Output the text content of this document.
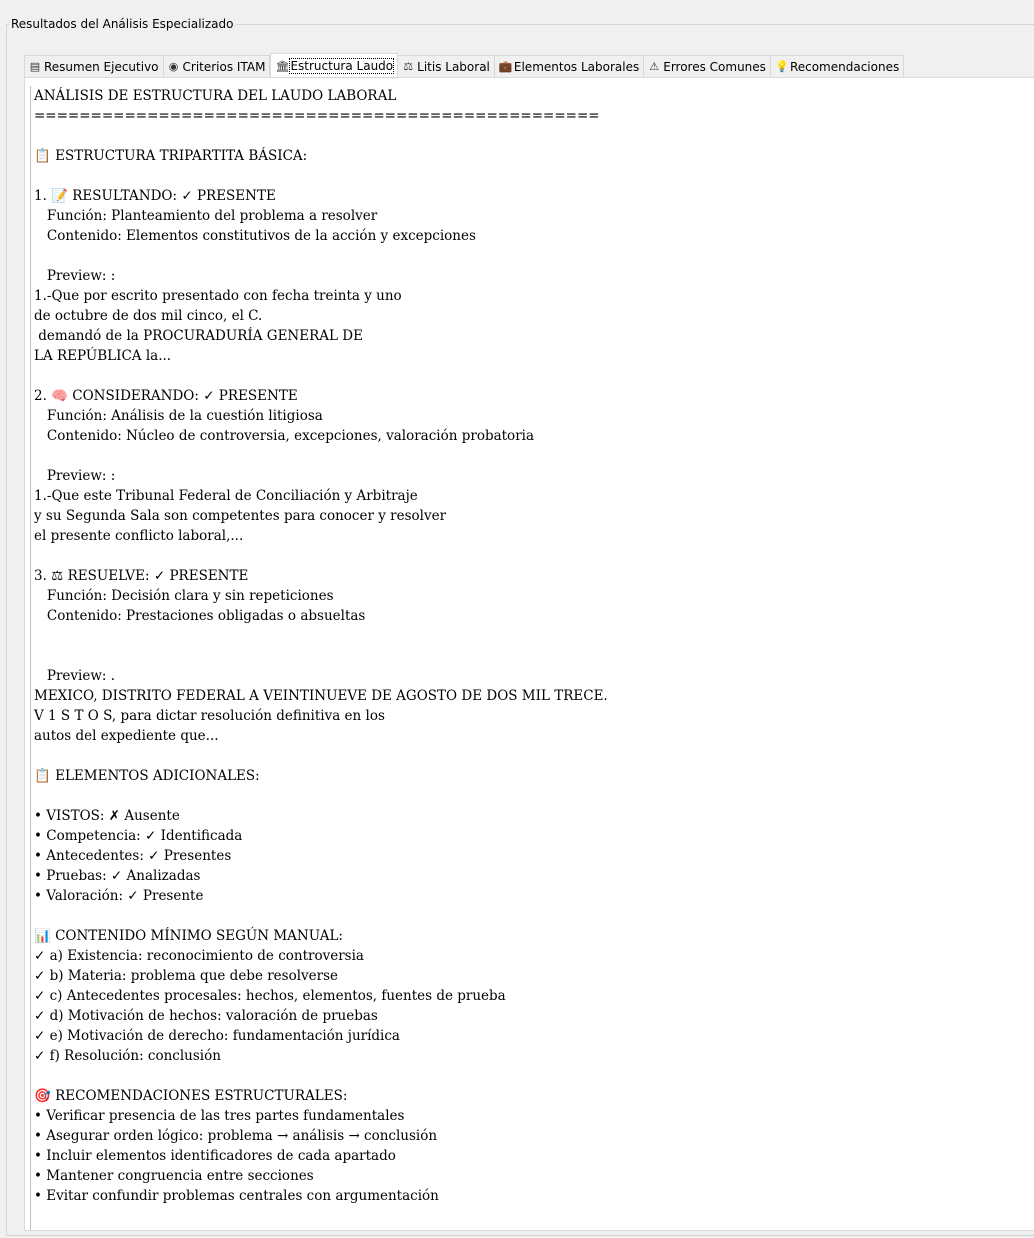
Resultados del Análisis Especializado
▤ Resumen Ejecutivo ◉ Criterios ITAM 🏛 Estructura Laudo ⚖ Litis Laboral 💼 Elementos Laborales ⚠ Errores Comunes 💡 Recomendaciones
ANÁLISIS DE ESTRUCTURA DEL LAUDO LABORAL
==================================================

📋 ESTRUCTURA TRIPARTITA BÁSICA:

1. 📝 RESULTANDO: ✓ PRESENTE
Función: Planteamiento del problema a resolver
Contenido: Elementos constitutivos de la acción y excepciones

Preview: :
1.-Que por escrito presentado con fecha treinta y uno
de octubre de dos mil cinco, el C.
demandó de la PROCURADURÍA GENERAL DE
LA REPÚBLICA la...

2. 🧠 CONSIDERANDO: ✓ PRESENTE
Función: Análisis de la cuestión litigiosa
Contenido: Núcleo de controversia, excepciones, valoración probatoria

Preview: :
1.-Que este Tribunal Federal de Conciliación y Arbitraje
y su Segunda Sala son competentes para conocer y resolver
el presente conflicto laboral,...

3. ⚖ RESUELVE: ✓ PRESENTE
Función: Decisión clara y sin repeticiones
Contenido: Prestaciones obligadas o absueltas

Preview: .
MEXICO, DISTRITO FEDERAL A VEINTINUEVE DE AGOSTO DE DOS MIL TRECE.
V 1 S T O S, para dictar resolución definitiva en los
autos del expediente que...

📋 ELEMENTOS ADICIONALES:

• VISTOS: ✗ Ausente
• Competencia: ✓ Identificada
• Antecedentes: ✓ Presentes
• Pruebas: ✓ Analizadas
• Valoración: ✓ Presente

📊 CONTENIDO MÍNIMO SEGÚN MANUAL:
✓ a) Existencia: reconocimiento de controversia
✓ b) Materia: problema que debe resolverse
✓ c) Antecedentes procesales: hechos, elementos, fuentes de prueba
✓ d) Motivación de hechos: valoración de pruebas
✓ e) Motivación de derecho: fundamentación jurídica
✓ f) Resolución: conclusión

🎯 RECOMENDACIONES ESTRUCTURALES:
• Verificar presencia de las tres partes fundamentales
• Asegurar orden lógico: problema → análisis → conclusión
• Incluir elementos identificadores de cada apartado
• Mantener congruencia entre secciones
• Evitar confundir problemas centrales con argumentación
